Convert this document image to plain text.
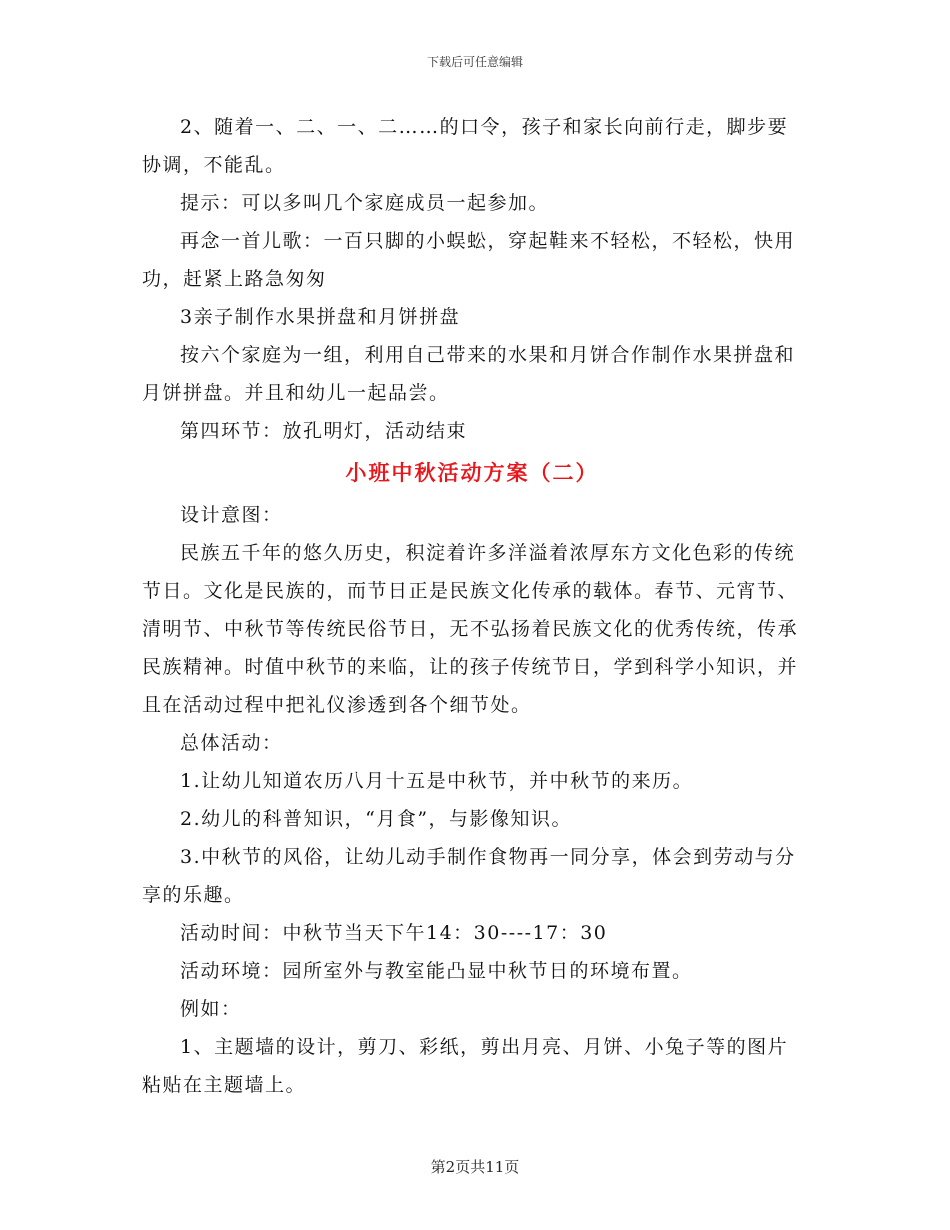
下载后可任意编辑

2、随着一、二、一、二……的口令，孩子和家长向前行走，脚步要协调，不能乱。

提示：可以多叫几个家庭成员一起参加。

再念一首儿歌：一百只脚的小蜈蚣，穿起鞋来不轻松，不轻松，快用功，赶紧上路急匆匆

3亲子制作水果拼盘和月饼拼盘

按六个家庭为一组，利用自己带来的水果和月饼合作制作水果拼盘和月饼拼盘。并且和幼儿一起品尝。

第四环节：放孔明灯，活动结束

小班中秋活动方案（二）

设计意图：

民族五千年的悠久历史，积淀着许多洋溢着浓厚东方文化色彩的传统节日。文化是民族的，而节日正是民族文化传承的载体。春节、元宵节、清明节、中秋节等传统民俗节日，无不弘扬着民族文化的优秀传统，传承民族精神。时值中秋节的来临，让的孩子传统节日，学到科学小知识，并且在活动过程中把礼仪渗透到各个细节处。

总体活动：

1.让幼儿知道农历八月十五是中秋节，并中秋节的来历。

2.幼儿的科普知识，“月食”，与影像知识。

3.中秋节的风俗，让幼儿动手制作食物再一同分享，体会到劳动与分享的乐趣。

活动时间：中秋节当天下午14：30----17：30

活动环境：园所室外与教室能凸显中秋节日的环境布置。

例如：

1、主题墙的设计，剪刀、彩纸，剪出月亮、月饼、小兔子等的图片粘贴在主题墙上。

第2页共11页
